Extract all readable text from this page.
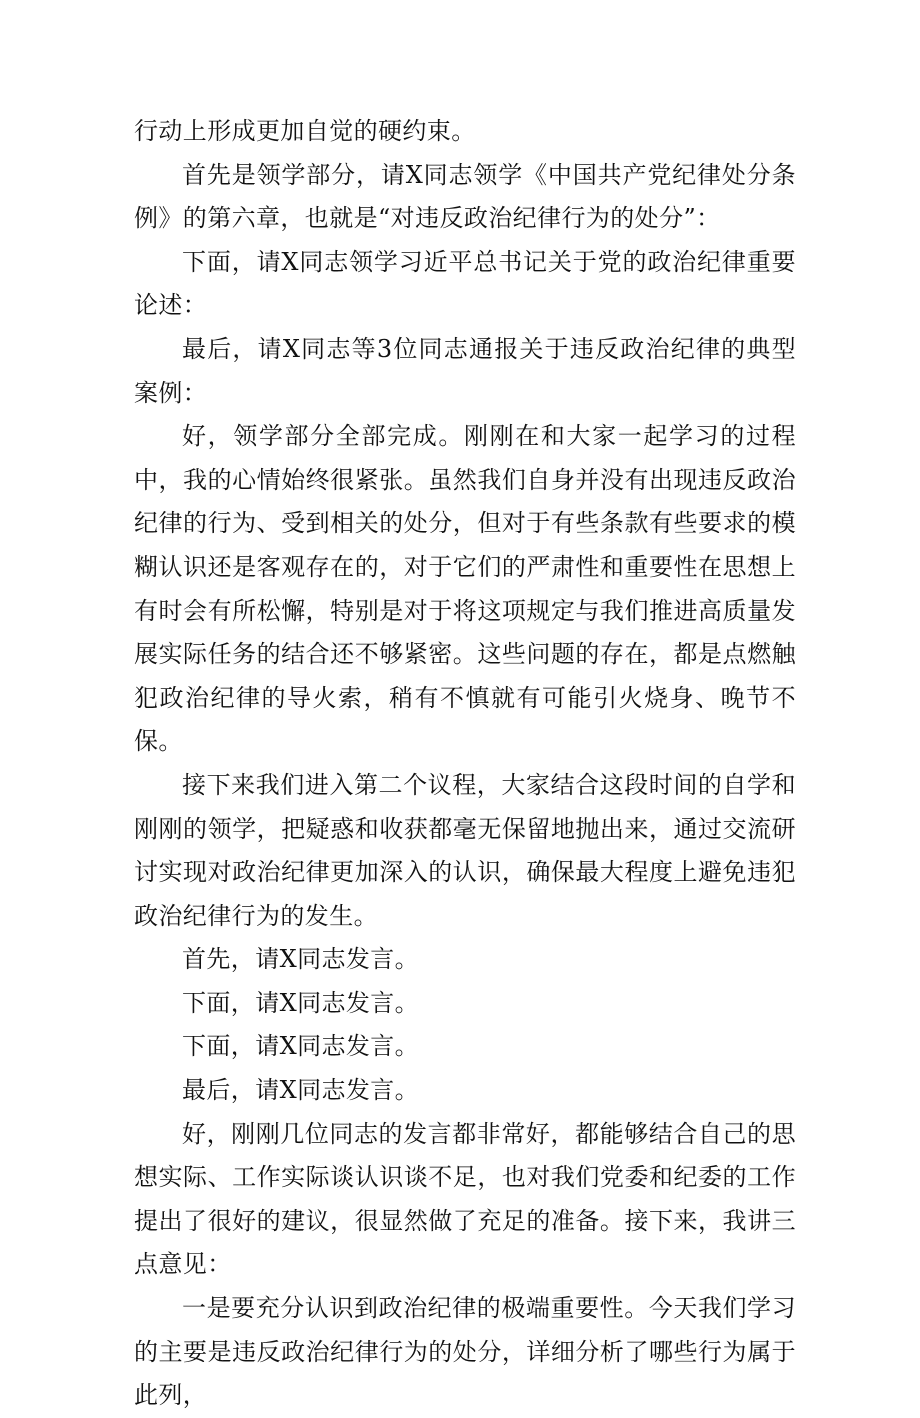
行动上形成更加自觉的硬约束。

首先是领学部分，请X同志领学《中国共产党纪律处分条例》的第六章，也就是“对违反政治纪律行为的处分”：

下面，请X同志领学习近平总书记关于党的政治纪律重要论述：

最后，请X同志等3位同志通报关于违反政治纪律的典型案例：

好，领学部分全部完成。刚刚在和大家一起学习的过程中，我的心情始终很紧张。虽然我们自身并没有出现违反政治纪律的行为、受到相关的处分，但对于有些条款有些要求的模糊认识还是客观存在的，对于它们的严肃性和重要性在思想上有时会有所松懈，特别是对于将这项规定与我们推进高质量发展实际任务的结合还不够紧密。这些问题的存在，都是点燃触犯政治纪律的导火索，稍有不慎就有可能引火烧身、晚节不保。

接下来我们进入第二个议程，大家结合这段时间的自学和刚刚的领学，把疑惑和收获都毫无保留地抛出来，通过交流研讨实现对政治纪律更加深入的认识，确保最大程度上避免违犯政治纪律行为的发生。

首先，请X同志发言。

下面，请X同志发言。

下面，请X同志发言。

最后，请X同志发言。

好，刚刚几位同志的发言都非常好，都能够结合自己的思想实际、工作实际谈认识谈不足，也对我们党委和纪委的工作提出了很好的建议，很显然做了充足的准备。接下来，我讲三点意见：

一是要充分认识到政治纪律的极端重要性。今天我们学习的主要是违反政治纪律行为的处分，详细分析了哪些行为属于此列，
